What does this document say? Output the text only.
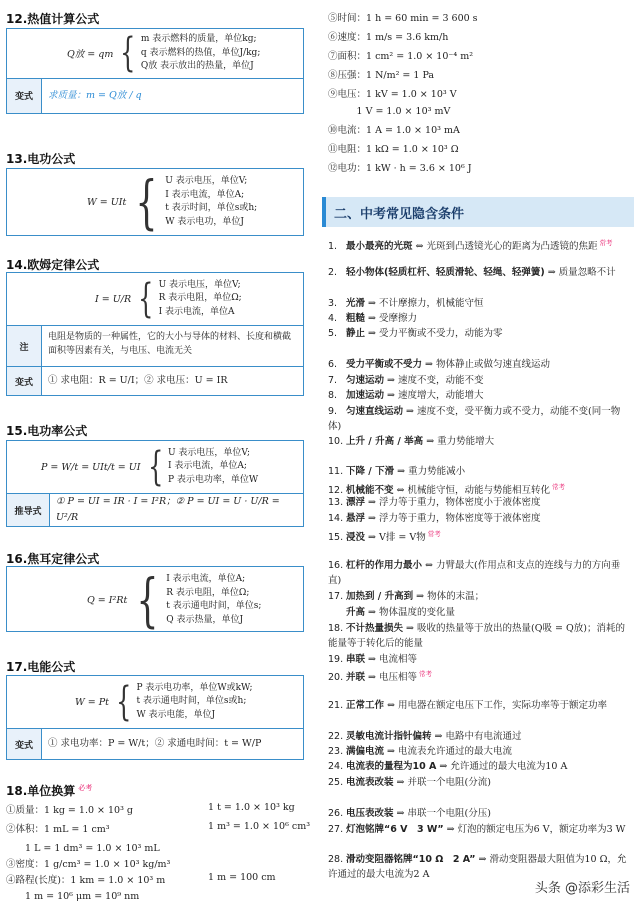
12.热值计算公式
Q放 = qm { m 表示燃料的质量，单位kg;
q 表示燃料的热值，单位J/kg;
Q放 表示放出的热量，单位J
变式	求质量：m = Q放 / q
13.电功公式
W = UIt { U 表示电压，单位V;
I 表示电流，单位A;
t 表示时间，单位s或h;
W 表示电功，单位J
14.欧姆定律公式
I = U/R { U 表示电压，单位V;
R 表示电阻，单位Ω;
I 表示电流，单位A
注
电阻是物质的一种属性，它的大小与导体的材料、长度和横截面积等因素有关，与电压、电流无关
变式	① 求电阻：R = U/I；② 求电压：U = IR
15.电功率公式
P = W/t = UIt/t = UI { U 表示电压，单位V;
I 表示电流，单位A;
P 表示电功率，单位W
推导式
① P = UI = IR · I = I²R；② P = UI = U · U/R = U²/R
16.焦耳定律公式
Q = I²Rt { I 表示电流，单位A;
R 表示电阻，单位Ω;
t 表示通电时间，单位s;
Q 表示热量，单位J
17.电能公式
W = Pt { P 表示电功率，单位W或kW;
t 表示通电时间，单位s或h;
W 表示电能，单位J
变式	① 求电功率：P = W/t；② 求通电时间：t = W/P
18.单位换算 $^{必考}$
①质量：1 kg = 1.0 × 10³ g	1 t = 1.0 × 10³ kg
②体积：1 mL = 1 cm³	1 m³ = 1.0 × 10⁶ cm³
　　1 L = 1 dm³ = 1.0 × 10³ mL
③密度：1 g/cm³ = 1.0 × 10³ kg/m³
④路程(长度)：1 km = 1.0 × 10³ m	1 m = 100 cm
　　1 m = 10⁶ μm = 10⁹ nm
⑤时间：1 h = 60 min = 3 600 s
⑥速度：1 m/s = 3.6 km/h
⑦面积：1 cm² = 1.0 × 10⁻⁴ m²
⑧压强：1 N/m² = 1 Pa
⑨电压：1 kV = 1.0 × 10³ V
　　　1 V = 1.0 × 10³ mV
⑩电流：1 A = 1.0 × 10³ mA
⑪电阻：1 kΩ = 1.0 × 10³ Ω
⑫电功：1 kW · h = 3.6 × 10⁶ J
二、中考常见隐含条件
1. 最小最亮的光斑 ⇔ 光斑到凸透镜光心的距离为凸透镜的焦距 $^{常考}$
2. 轻小物体(轻质杠杆、轻质滑轮、轻绳、轻弹簧) ⇒ 质量忽略不计
3. 光滑 ⇒ 不计摩擦力，机械能守恒
4. 粗糙 ⇒ 受摩擦力
5. 静止 ⇒ 受力平衡或不受力，动能为零
6. 受力平衡或不受力 ⇒ 物体静止或做匀速直线运动
7. 匀速运动 ⇒ 速度不变，动能不变
8. 加速运动 ⇒ 速度增大，动能增大
9. 匀速直线运动 ⇒ 速度不变，受平衡力或不受力，动能不变(同一物体)
10. 上升 / 升高 / 举高 ⇒ 重力势能增大
11. 下降 / 下滑 ⇒ 重力势能减小
12. 机械能不变 ⇔ 机械能守恒，动能与势能相互转化 $^{常考}$
13. 漂浮 ⇒ 浮力等于重力，物体密度小于液体密度
14. 悬浮 ⇒ 浮力等于重力，物体密度等于液体密度
15. 浸没 ⇒ V排 = V物 $^{常考}$
16. 杠杆的作用力最小 ⇔ 力臂最大(作用点和支点的连线与力的方向垂直)
17. 加热到 / 升高到 ⇒ 物体的末温；
升高 ⇒ 物体温度的变化量
18. 不计热量损失 ⇒ 吸收的热量等于放出的热量(Q吸 = Q放)；消耗的能量等于转化后的能量
19. 串联 ⇒ 电流相等
20. 并联 ⇒ 电压相等 $^{常考}$
21. 正常工作 ⇔ 用电器在额定电压下工作，实际功率等于额定功率
22. 灵敏电流计指针偏转 ⇒ 电路中有电流通过
23. 满偏电流 ⇒ 电流表允许通过的最大电流
24. 电流表的量程为10 A ⇒ 允许通过的最大电流为10 A
25. 电流表改装 ⇒ 并联一个电阻(分流)
26. 电压表改装 ⇒ 串联一个电阻(分压)
27. 灯泡铭牌“6 V　3 W” ⇒ 灯泡的额定电压为6 V，额定功率为3 W
28. 滑动变阻器铭牌“10 Ω　2 A” ⇒ 滑动变阻器最大阻值为10 Ω，允许通过的最大电流为2 A
头条 @添彩生活
